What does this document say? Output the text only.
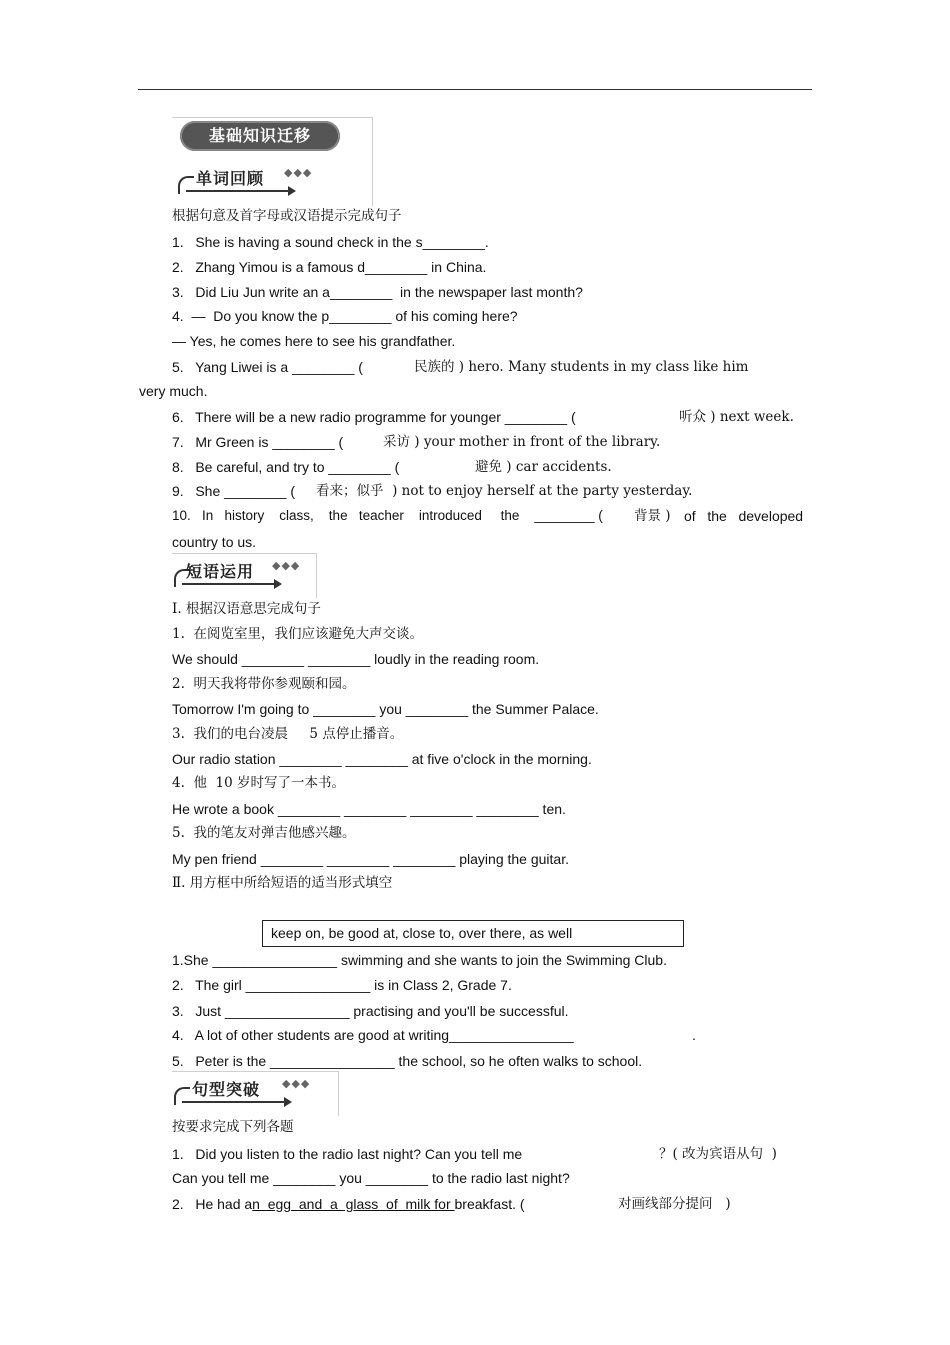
基础知识迁移
单词回顾 ◆◆◆
根据句意及首字母或汉语提示完成句子
1.   She is having a sound check in the s________.
2.   Zhang Yimou is a famous d________ in China.
3.   Did Liu Jun write an a________  in the newspaper last month?
4.  —  Do you know the p________ of his coming here?
— Yes, he comes here to see his grandfather.
5.   Yang Liwei is a ________ (	民族的 ) hero. Many students in my class like him
very much.
6.   There will be a new radio programme for younger ________ (	听众 ) next week.
7.   Mr Green is ________ (	采访 ) your mother in front of the library.
8.   Be careful, and try to ________ (	避免 ) car accidents.
9.   She ________ ( 看来；似乎  ) not to enjoy herself at the party yesterday.
10.   In   history    class,    the   teacher    introduced     the    ________ ( 背景 ) of   the   developed
country to us.
短语运用 ◆◆◆
Ⅰ. 根据汉语意思完成句子
1.  在阅览室里，我们应该避免大声交谈。
We should ________ ________ loudly in the reading room.
2.  明天我将带你参观颐和园。
Tomorrow I'm going to ________ you ________ the Summer Palace.
3.  我们的电台凌晨     5 点停止播音。
Our radio station ________ ________ at five o'clock in the morning.
4.  他  10 岁时写了一本书。
He wrote a book ________ ________ ________ ________ ten.
5.  我的笔友对弹吉他感兴趣。
My pen friend ________ ________ ________ playing the guitar.
Ⅱ. 用方框中所给短语的适当形式填空
keep on, be good at, close to, over there, as well
1.She ________________ swimming and she wants to join the Swimming Club.
2.   The girl ________________ is in Class 2, Grade 7.
3.   Just ________________ practising and you'll be successful.
4.   A lot of other students are good at writing________________	.
5.   Peter is the ________________ the school, so he often walks to school.
句型突破 ◆◆◆
按要求完成下列各题
1.   Did you listen to the radio last night? Can you tell me	？( 改为宾语从句  )
Can you tell me ________ you ________ to the radio last night?
2.   He had an  egg  and  a  glass  of  milk for breakfast. (	对画线部分提问   )
